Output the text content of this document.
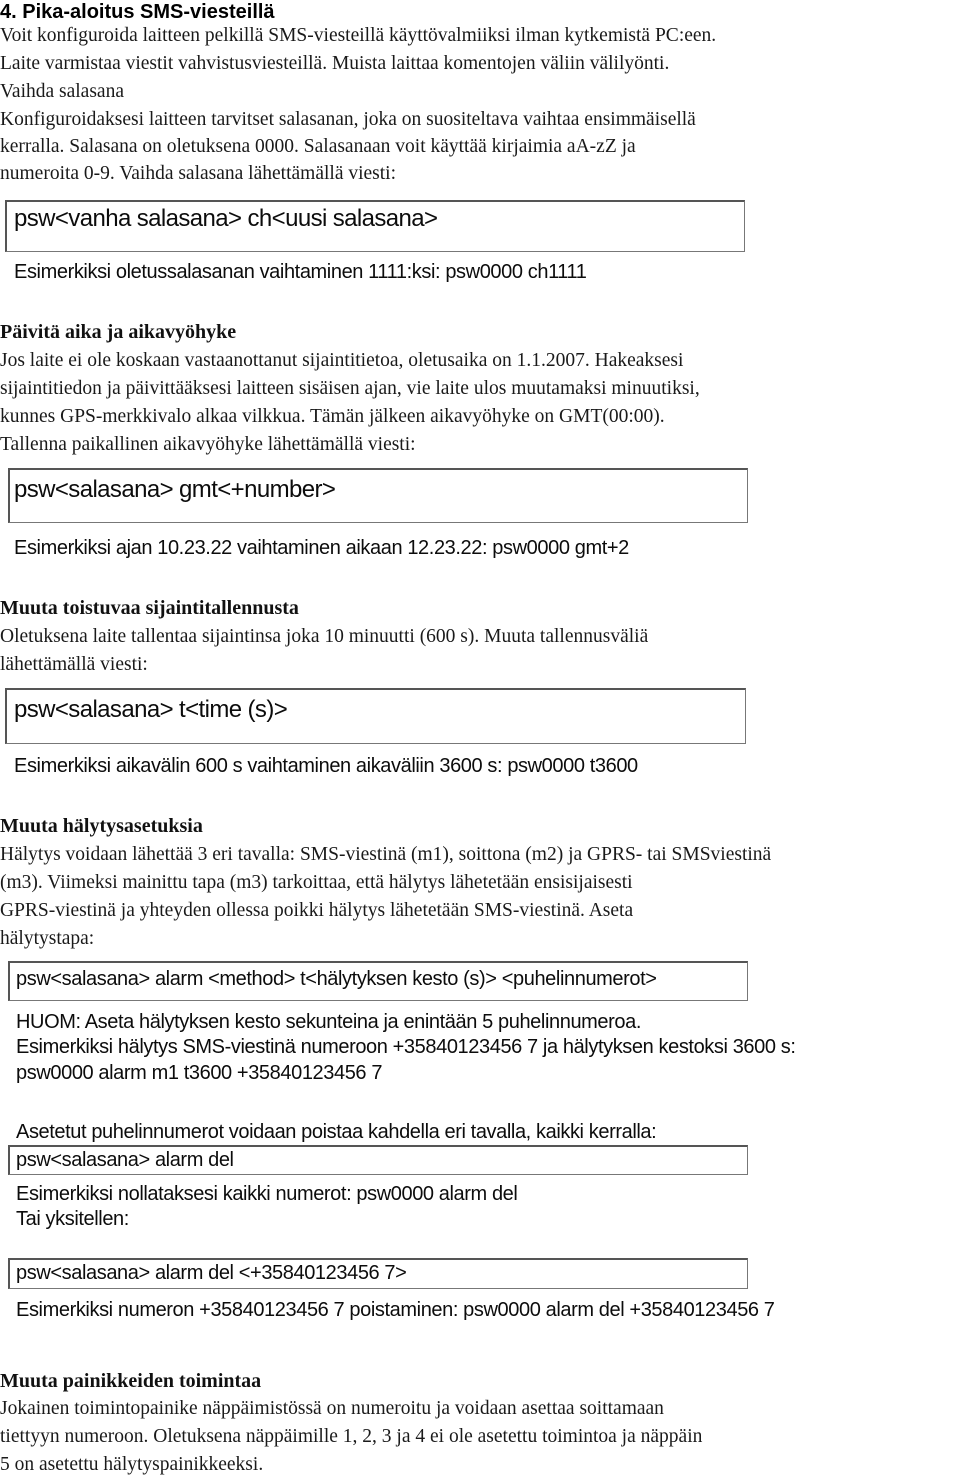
4. Pika-aloitus SMS-viesteillä
Voit konfiguroida laitteen pelkillä SMS-viesteillä käyttövalmiiksi ilman kytkemistä PC:een.
Laite varmistaa viestit vahvistusviesteillä. Muista laittaa komentojen väliin välilyönti.
Vaihda salasana
Konfiguroidaksesi laitteen tarvitset salasanan, joka on suositeltava vaihtaa ensimmäisellä
kerralla. Salasana on oletuksena 0000. Salasanaan voit käyttää kirjaimia aA-zZ ja
numeroita 0-9. Vaihda salasana lähettämällä viesti:
psw<vanha salasana> ch<uusi salasana>
Esimerkiksi oletussalasanan vaihtaminen 1111:ksi: psw0000 ch1111
Päivitä aika ja aikavyöhyke
Jos laite ei ole koskaan vastaanottanut sijaintitietoa, oletusaika on 1.1.2007. Hakeaksesi
sijaintitiedon ja päivittääksesi laitteen sisäisen ajan, vie laite ulos muutamaksi minuutiksi,
kunnes GPS-merkkivalo alkaa vilkkua. Tämän jälkeen aikavyöhyke on GMT(00:00).
Tallenna paikallinen aikavyöhyke lähettämällä viesti:
psw<salasana> gmt<+number>
Esimerkiksi ajan 10.23.22 vaihtaminen aikaan 12.23.22: psw0000 gmt+2
Muuta toistuvaa sijaintitallennusta
Oletuksena laite tallentaa sijaintinsa joka 10 minuutti (600 s). Muuta tallennusväliä
lähettämällä viesti:
psw<salasana> t<time (s)>
Esimerkiksi aikavälin 600 s vaihtaminen aikaväliin 3600 s: psw0000 t3600
Muuta hälytysasetuksia
Hälytys voidaan lähettää 3 eri tavalla: SMS-viestinä (m1), soittona (m2) ja GPRS- tai SMSviestinä
(m3). Viimeksi mainittu tapa (m3) tarkoittaa, että hälytys lähetetään ensisijaisesti
GPRS-viestinä ja yhteyden ollessa poikki hälytys lähetetään SMS-viestinä. Aseta
hälytystapa:
psw<salasana> alarm <method> t<hälytyksen kesto (s)> <puhelinnumerot>
HUOM: Aseta hälytyksen kesto sekunteina ja enintään 5 puhelinnumeroa.
Esimerkiksi hälytys SMS-viestinä numeroon +35840123456 7 ja hälytyksen kestoksi 3600 s:
psw0000 alarm m1 t3600 +35840123456 7
Asetetut puhelinnumerot voidaan poistaa kahdella eri tavalla, kaikki kerralla:
psw<salasana> alarm del
Esimerkiksi nollataksesi kaikki numerot: psw0000 alarm del
Tai yksitellen:
psw<salasana> alarm del <+35840123456 7>
Esimerkiksi numeron +35840123456 7 poistaminen: psw0000 alarm del +35840123456 7
Muuta painikkeiden toimintaa
Jokainen toimintopainike näppäimistössä on numeroitu ja voidaan asettaa soittamaan
tiettyyn numeroon. Oletuksena näppäimille 1, 2, 3 ja 4 ei ole asetettu toimintoa ja näppäin
5 on asetettu hälytyspainikkeeksi.
